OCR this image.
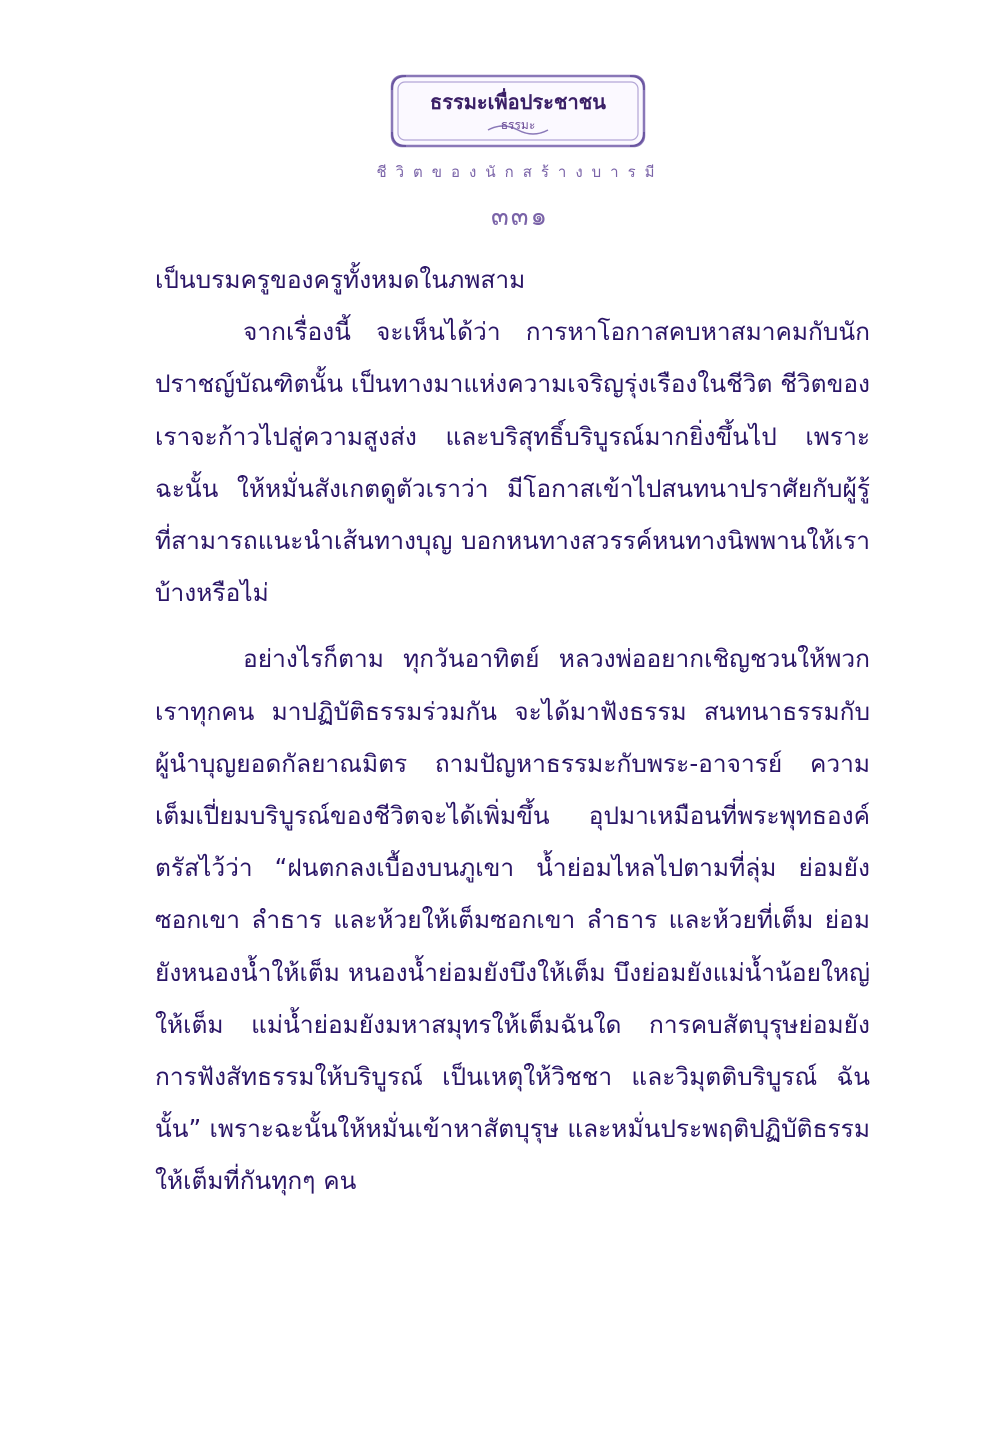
ธรรมะเพื่อประชาชน
ธรรมะ
ชีวิตของนักสร้างบารมี
๓๓๑

เป็นบรมครูของครูทั้งหมดในภพสาม

จากเรื่องนี้ จะเห็นได้ว่า การหาโอกาสคบหาสมาคมกับนักปราชญ์บัณฑิตนั้น เป็นทางมาแห่งความเจริญรุ่งเรืองในชีวิต ชีวิตของเราจะก้าวไปสู่ความสูงส่ง และบริสุทธิ์บริบูรณ์มากยิ่งขึ้นไป เพราะฉะนั้น ให้หมั่นสังเกตดูตัวเราว่า มีโอกาสเข้าไปสนทนาปราศัยกับผู้รู้ ที่สามารถแนะนำเส้นทางบุญ บอกหนทางสวรรค์หนทางนิพพานให้เราบ้างหรือไม่

อย่างไรก็ตาม ทุกวันอาทิตย์ หลวงพ่ออยากเชิญชวนให้พวกเราทุกคน มาปฏิบัติธรรมร่วมกัน จะได้มาฟังธรรม สนทนาธรรมกับผู้นำบุญยอดกัลยาณมิตร ถามปัญหาธรรมะกับพระ-อาจารย์ ความเต็มเปี่ยมบริบูรณ์ของชีวิตจะได้เพิ่มขึ้น อุปมาเหมือนที่พระพุทธองค์ตรัสไว้ว่า “ฝนตกลงเบื้องบนภูเขา น้ำย่อมไหลไปตามที่ลุ่ม ย่อมยังซอกเขา ลำธาร และห้วยให้เต็มซอกเขา ลำธาร และห้วยที่เต็ม ย่อมยังหนองน้ำให้เต็ม หนองน้ำย่อมยังบึงให้เต็ม บึงย่อมยังแม่น้ำน้อยใหญ่ให้เต็ม แม่น้ำย่อมยังมหาสมุทรให้เต็มฉันใด การคบสัตบุรุษย่อมยังการฟังสัทธรรมให้บริบูรณ์ เป็นเหตุให้วิชชา และวิมุตติบริบูรณ์ ฉันนั้น” เพราะฉะนั้นให้หมั่นเข้าหาสัตบุรุษ และหมั่นประพฤติปฏิบัติธรรมให้เต็มที่กันทุกๆ คน
